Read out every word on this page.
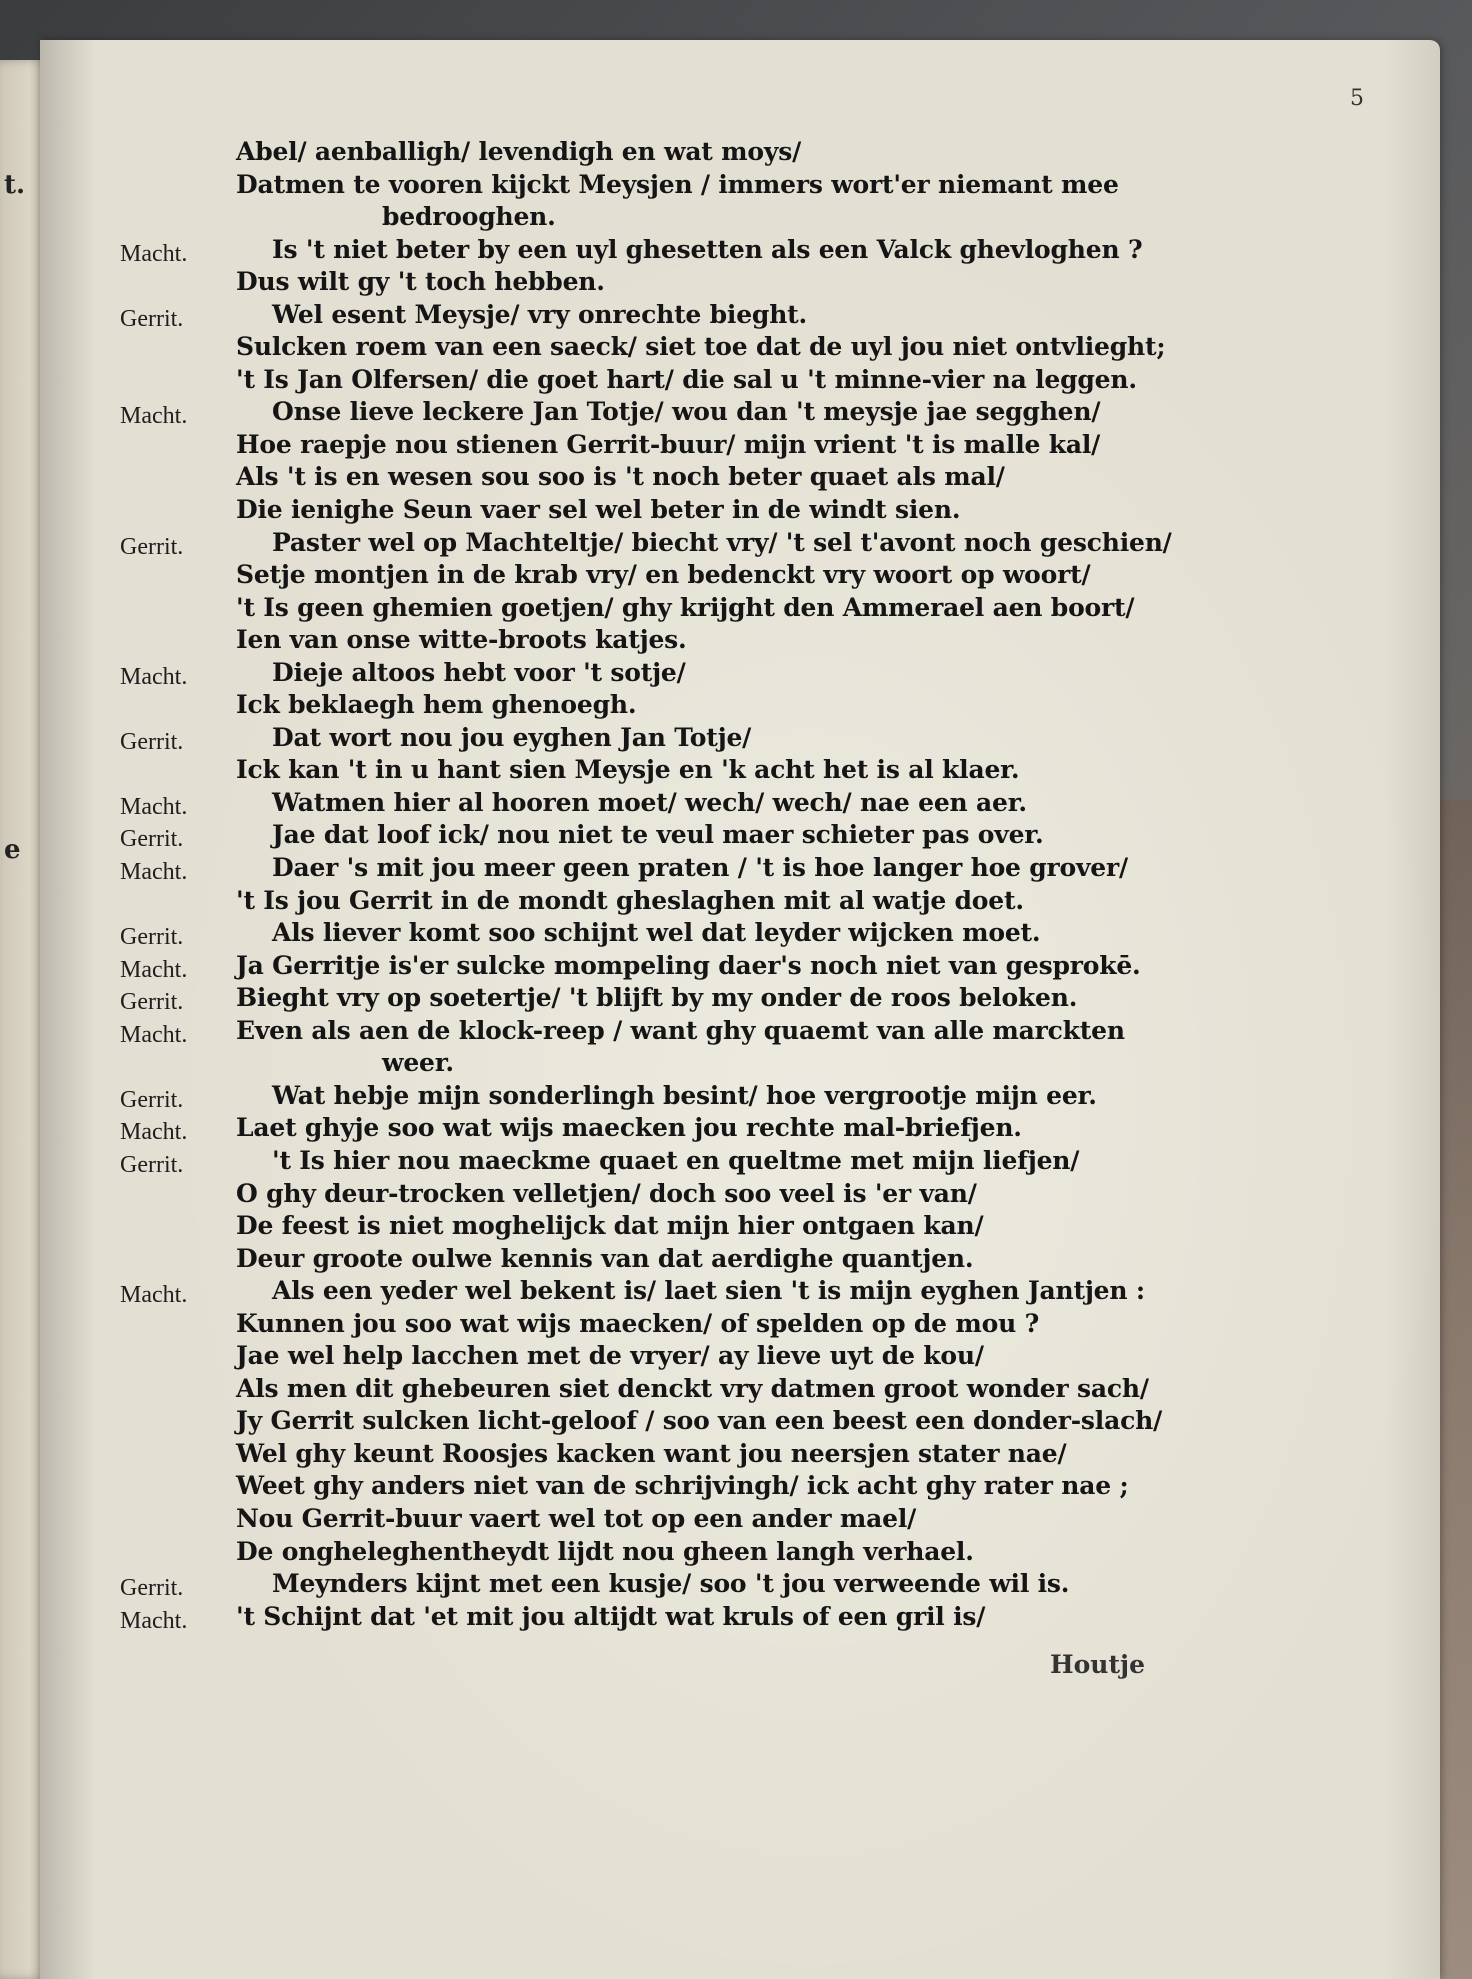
t.
e
5
Abel/ aenballigh/ levendigh en wat moys/
Datmen te vooren kijckt Meysjen / immers wort'er niemant mee
bedrooghen.
Macht.	Is 't niet beter by een uyl ghesetten als een Valck ghevloghen ?
Dus wilt gy 't toch hebben.
Gerrit.	Wel esent Meysje/ vry onrechte bieght.
Sulcken roem van een saeck/ siet toe dat de uyl jou niet ontvlieght;
't Is Jan Olfersen/ die goet hart/ die sal u 't minne-vier na leggen.
Macht.	Onse lieve leckere Jan Totje/ wou dan 't meysje jae segghen/
Hoe raepje nou stienen Gerrit-buur/ mijn vrient 't is malle kal/
Als 't is en wesen sou soo is 't noch beter quaet als mal/
Die ienighe Seun vaer sel wel beter in de windt sien.
Gerrit.	Paster wel op Machteltje/ biecht vry/ 't sel t'avont noch geschien/
Setje montjen in de krab vry/ en bedenckt vry woort op woort/
't Is geen ghemien goetjen/ ghy krijght den Ammerael aen boort/
Ien van onse witte-broots katjes.
Macht.	Dieje altoos hebt voor 't sotje/
Ick beklaegh hem ghenoegh.
Gerrit.	Dat wort nou jou eyghen Jan Totje/
Ick kan 't in u hant sien Meysje en 'k acht het is al klaer.
Macht.	Watmen hier al hooren moet/ wech/ wech/ nae een aer.
Gerrit.	Jae dat loof ick/ nou niet te veul maer schieter pas over.
Macht.	Daer 's mit jou meer geen praten / 't is hoe langer hoe grover/
't Is jou Gerrit in de mondt gheslaghen mit al watje doet.
Gerrit.	Als liever komt soo schijnt wel dat leyder wijcken moet.
Macht.	Ja Gerritje is'er sulcke mompeling daer's noch niet van gesprokē.
Gerrit.	Bieght vry op soetertje/ 't blijft by my onder de roos beloken.
Macht.	Even als aen de klock-reep / want ghy quaemt van alle marckten
weer.
Gerrit.	Wat hebje mijn sonderlingh besint/ hoe vergrootje mijn eer.
Macht.	Laet ghyje soo wat wijs maecken jou rechte mal-briefjen.
Gerrit.	't Is hier nou maeckme quaet en queltme met mijn liefjen/
O ghy deur-trocken velletjen/ doch soo veel is 'er van/
De feest is niet moghelijck dat mijn hier ontgaen kan/
Deur groote oulwe kennis van dat aerdighe quantjen.
Macht.	Als een yeder wel bekent is/ laet sien 't is mijn eyghen Jantjen :
Kunnen jou soo wat wijs maecken/ of spelden op de mou ?
Jae wel help lacchen met de vryer/ ay lieve uyt de kou/
Als men dit ghebeuren siet denckt vry datmen groot wonder sach/
Jy Gerrit sulcken licht-geloof / soo van een beest een donder-slach/
Wel ghy keunt Roosjes kacken want jou neersjen stater nae/
Weet ghy anders niet van de schrijvingh/ ick acht ghy rater nae ;
Nou Gerrit-buur vaert wel tot op een ander mael/
De ongheleghentheydt lijdt nou gheen langh verhael.
Gerrit.	Meynders kijnt met een kusje/ soo 't jou verweende wil is.
Macht.	't Schijnt dat 'et mit jou altijdt wat kruls of een gril is/
Houtje
